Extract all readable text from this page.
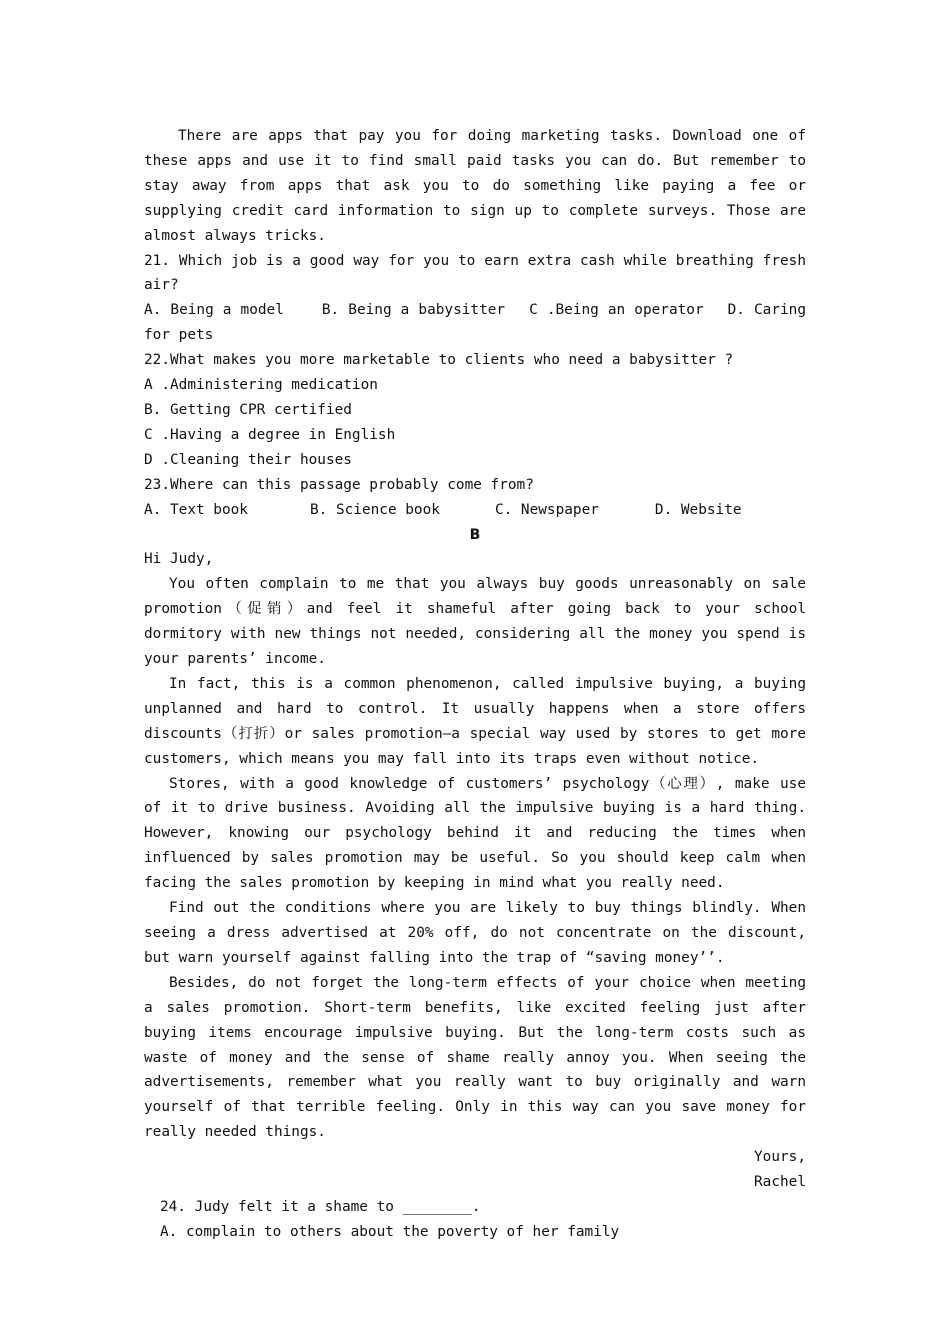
There are apps that pay you for doing marketing tasks. Download one of these apps and use it to find small paid tasks you can do. But remember to stay away from apps that ask you to do something like paying a fee or supplying credit card information to sign up to complete surveys. Those are almost always tricks.

21. Which job is a good way for you to earn extra cash while breathing fresh air?

A. Being a model	B. Being a babysitter C .Being an operator D. Caring for pets

22.What makes you more marketable to clients who need a babysitter ?

A .Administering medication

B. Getting CPR certified

C .Having a degree in English

D .Cleaning their houses

23.Where can this passage probably come from?

A. Text book	B. Science book	C. Newspaper	D. Website

B

Hi Judy,

You often complain to me that you always buy goods unreasonably on sale promotion（促销）and feel it shameful after going back to your school dormitory with new things not needed, considering all the money you spend is your parents’ income.

In fact, this is a common phenomenon, called impulsive buying, a buying unplanned and hard to control. It usually happens when a store offers discounts（打折）or sales promotion—a special way used by stores to get more customers, which means you may fall into its traps even without notice.

Stores, with a good knowledge of customers’ psychology（心理）, make use of it to drive business. Avoiding all the impulsive buying is a hard thing. However, knowing our psychology behind it and reducing the times when influenced by sales promotion may be useful. So you should keep calm when facing the sales promotion by keeping in mind what you really need.

Find out the conditions where you are likely to buy things blindly. When seeing a dress advertised at 20% off, do not concentrate on the discount, but warn yourself against falling into the trap of “saving money’’.

Besides, do not forget the long-term effects of your choice when meeting a sales promotion. Short-term benefits, like excited feeling just after buying items encourage impulsive buying. But the long-term costs such as waste of money and the sense of shame really annoy you. When seeing the advertisements, remember what you really want to buy originally and warn yourself of that terrible feeling. Only in this way can you save money for really needed things.

Yours,

Rachel

24. Judy felt it a shame to ________.

A. complain to others about the poverty of her family
